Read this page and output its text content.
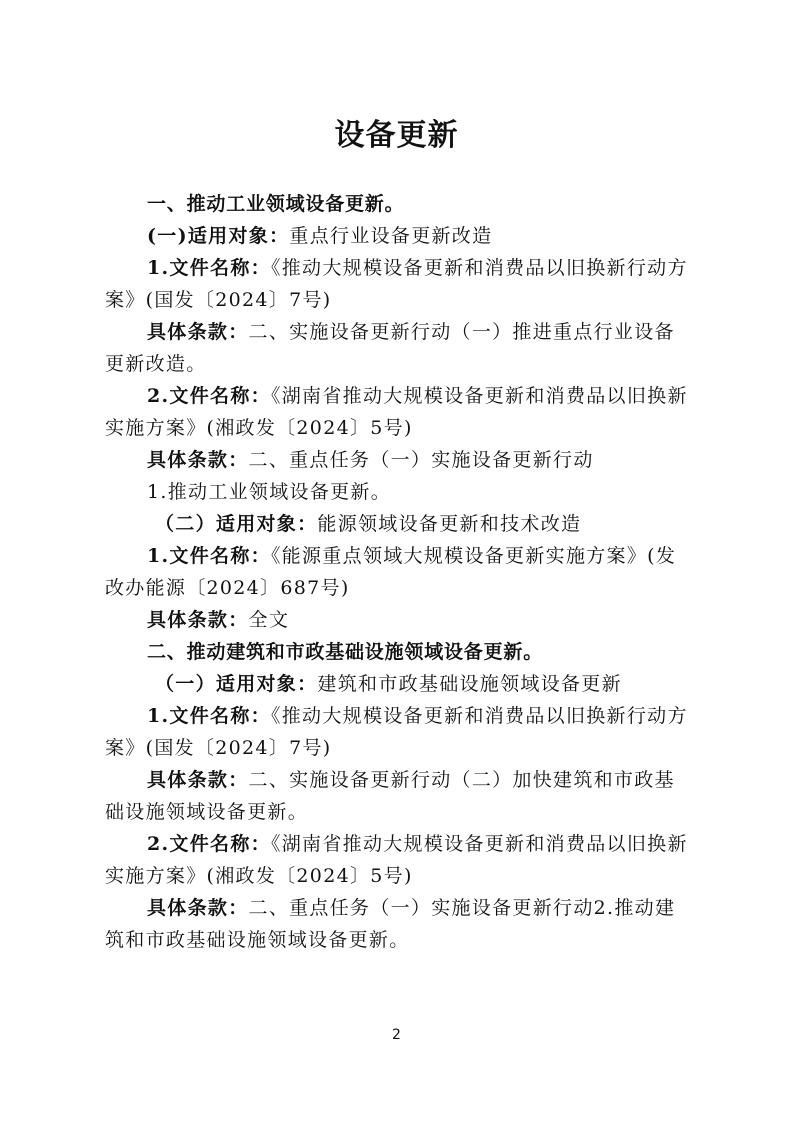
设备更新
一、推动工业领域设备更新。
(一)适用对象：重点行业设备更新改造
1.文件名称：《推动大规模设备更新和消费品以旧换新行动方
案》(国发〔2024〕7号)
具体条款：二、实施设备更新行动（一）推进重点行业设备
更新改造。
2.文件名称：《湖南省推动大规模设备更新和消费品以旧换新
实施方案》(湘政发〔2024〕5号)
具体条款：二、重点任务（一）实施设备更新行动
1.推动工业领域设备更新。
（二）适用对象：能源领域设备更新和技术改造
1.文件名称：《能源重点领域大规模设备更新实施方案》(发
改办能源〔2024〕687号)
具体条款：全文
二、推动建筑和市政基础设施领域设备更新。
（一）适用对象：建筑和市政基础设施领域设备更新
1.文件名称：《推动大规模设备更新和消费品以旧换新行动方
案》(国发〔2024〕7号)
具体条款：二、实施设备更新行动（二）加快建筑和市政基
础设施领域设备更新。
2.文件名称：《湖南省推动大规模设备更新和消费品以旧换新
实施方案》(湘政发〔2024〕5号)
具体条款：二、重点任务（一）实施设备更新行动2.推动建
筑和市政基础设施领域设备更新。
2
